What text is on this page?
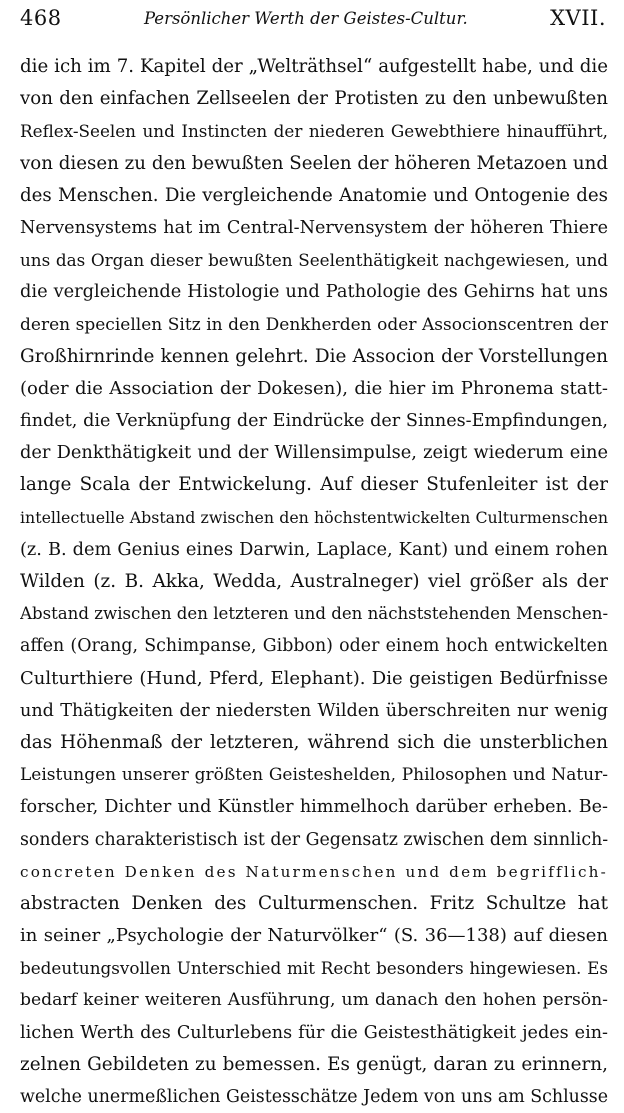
468	Persönlicher Werth der Geistes-Cultur.	XVII.
die ich im 7. Kapitel der „Welträthsel“ aufgestellt habe, und die
von den einfachen Zellseelen der Protisten zu den unbewußten
Reflex-Seelen und Instincten der niederen Gewebthiere hinaufführt,
von diesen zu den bewußten Seelen der höheren Metazoen und
des Menschen. Die vergleichende Anatomie und Ontogenie des
Nervensystems hat im Central-Nervensystem der höheren Thiere
uns das Organ dieser bewußten Seelenthätigkeit nachgewiesen, und
die vergleichende Histologie und Pathologie des Gehirns hat uns
deren speciellen Sitz in den Denkherden oder Associonscentren der
Großhirnrinde kennen gelehrt. Die Associon der Vorstellungen
(oder die Association der Dokesen), die hier im Phronema statt-
findet, die Verknüpfung der Eindrücke der Sinnes-Empfindungen,
der Denkthätigkeit und der Willensimpulse, zeigt wiederum eine
lange Scala der Entwickelung. Auf dieser Stufenleiter ist der
intellectuelle Abstand zwischen den höchstentwickelten Culturmenschen
(z. B. dem Genius eines Darwin, Laplace, Kant) und einem rohen
Wilden (z. B. Akka, Wedda, Australneger) viel größer als der
Abstand zwischen den letzteren und den nächststehenden Menschen-
affen (Orang, Schimpanse, Gibbon) oder einem hoch entwickelten
Culturthiere (Hund, Pferd, Elephant). Die geistigen Bedürfnisse
und Thätigkeiten der niedersten Wilden überschreiten nur wenig
das Höhenmaß der letzteren, während sich die unsterblichen
Leistungen unserer größten Geisteshelden, Philosophen und Natur-
forscher, Dichter und Künstler himmelhoch darüber erheben. Be-
sonders charakteristisch ist der Gegensatz zwischen dem sinnlich-
concreten Denken des Naturmenschen und dem begrifflich-
abstracten Denken des Culturmenschen. Fritz Schultze hat
in seiner „Psychologie der Naturvölker“ (S. 36—138) auf diesen
bedeutungsvollen Unterschied mit Recht besonders hingewiesen. Es
bedarf keiner weiteren Ausführung, um danach den hohen persön-
lichen Werth des Culturlebens für die Geistesthätigkeit jedes ein-
zelnen Gebildeten zu bemessen. Es genügt, daran zu erinnern,
welche unermeßlichen Geistesschätze Jedem von uns am Schlusse
